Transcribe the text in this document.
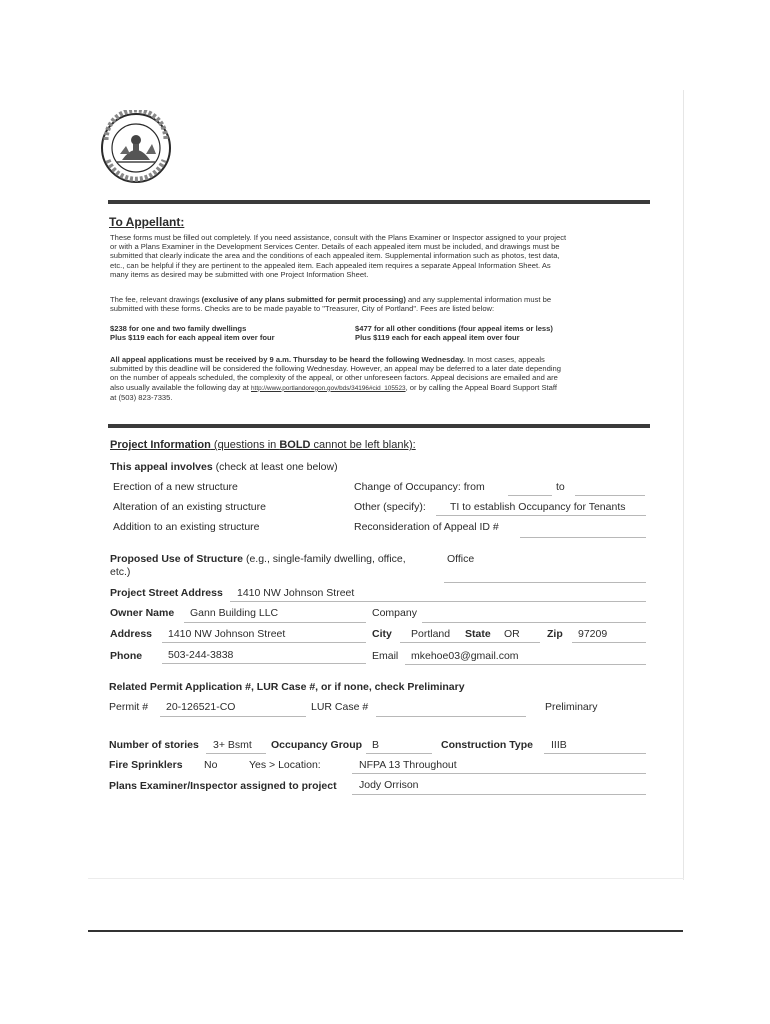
To Appellant:
These forms must be filled out completely. If you need assistance, consult with the Plans Examiner or Inspector assigned to your project
or with a Plans Examiner in the Development Services Center. Details of each appealed item must be included, and drawings must be
submitted that clearly indicate the area and the conditions of each appealed item. Supplemental information such as photos, test data,
etc., can be helpful if they are pertinent to the appealed item. Each appealed item requires a separate Appeal Information Sheet. As
many items as desired may be submitted with one Project Information Sheet.
The fee, relevant drawings (exclusive of any plans submitted for permit processing) and any supplemental information must be
submitted with these forms. Checks are to be made payable to "Treasurer, City of Portland". Fees are listed below:
$238 for one and two family dwellings
Plus $119 each for each appeal item over four
$477 for all other conditions (four appeal items or less)
Plus $119 each for each appeal item over four
All appeal applications must be received by 9 a.m. Thursday to be heard the following Wednesday. In most cases, appeals
submitted by this deadline will be considered the following Wednesday. However, an appeal may be deferred to a later date depending
on the number of appeals scheduled, the complexity of the appeal, or other unforeseen factors. Appeal decisions are emailed and are
also usually available the following day at http://www.portlandoregon.gov/bds/34196#cid_105523, or by calling the Appeal Board Support Staff
at (503) 823-7335.
Project Information (questions in BOLD cannot be left blank):
This appeal involves (check at least one below)
Erection of a new structure
Alteration of an existing structure
Addition to an existing structure
Change of Occupancy: from	to
Other (specify): TI to establish Occupancy for Tenants
Reconsideration of Appeal ID #
Proposed Use of Structure (e.g., single-family dwelling, office,
etc.)
Office
Project Street Address 1410 NW Johnson Street
Owner Name Gann Building LLC	Company
Address 1410 NW Johnson Street	City Portland State OR	Zip 97209
Phone 503-244-3838	Email mkehoe03@gmail.com
Related Permit Application #, LUR Case #, or if none, check Preliminary
Permit # 20-126521-CO	LUR Case #	Preliminary
Number of stories 3+ Bsmt Occupancy Group B	Construction Type IIIB
Fire Sprinklers No	Yes > Location:	NFPA 13 Throughout
Plans Examiner/Inspector assigned to project Jody Orrison
